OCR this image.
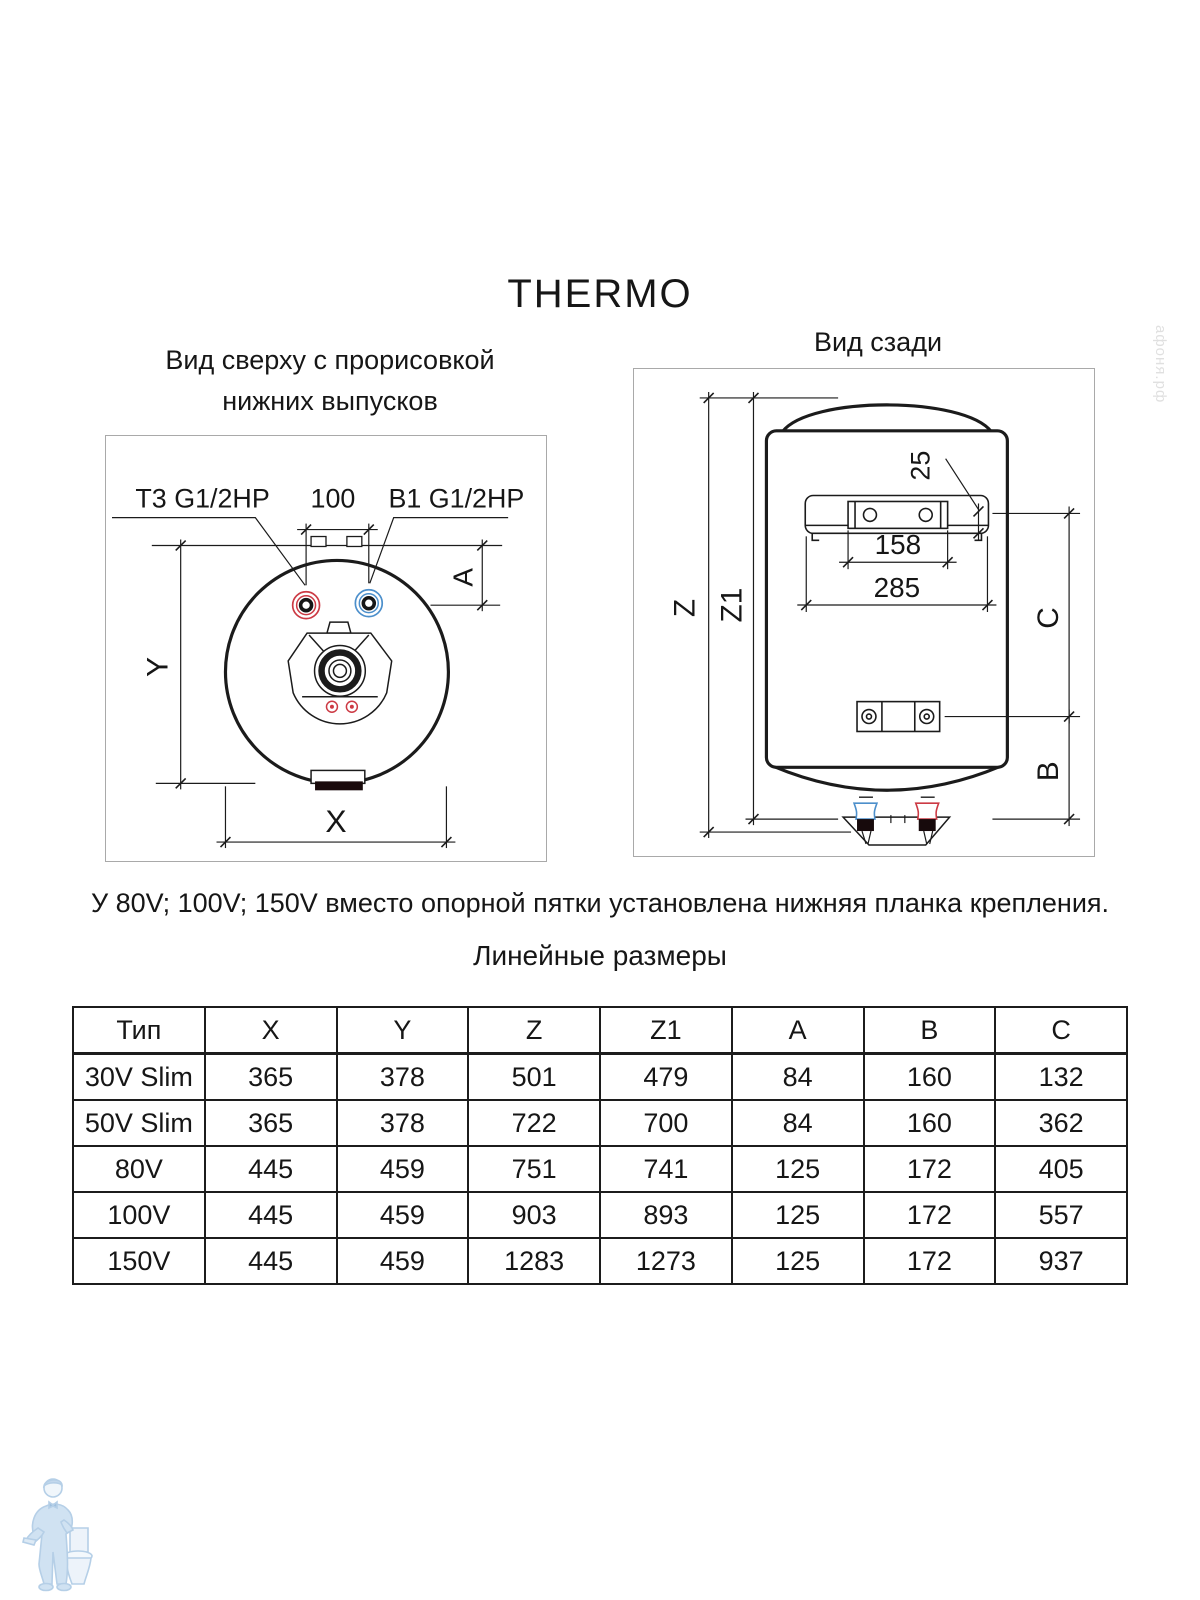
THERMO
Вид сверху с прорисовкой
нижних выпусков
Вид сзади
Т3 G1/2HP 100 В1 G1/2HP
Y
A
X
25
158
285
Z Z1	C
B
У 80V; 100V; 150V вместо опорной пятки установлена нижняя планка крепления.
Линейные размеры
Тип	X	Y	Z	Z1	A	B	C
30V Slim	365	378	501	479	84	160	132
50V Slim	365	378	722	700	84	160	362
80V	445	459	751	741	125	172	405
100V	445	459	903	893	125	172	557
150V	445	459	1283	1273	125	172	937
афоня.рф
